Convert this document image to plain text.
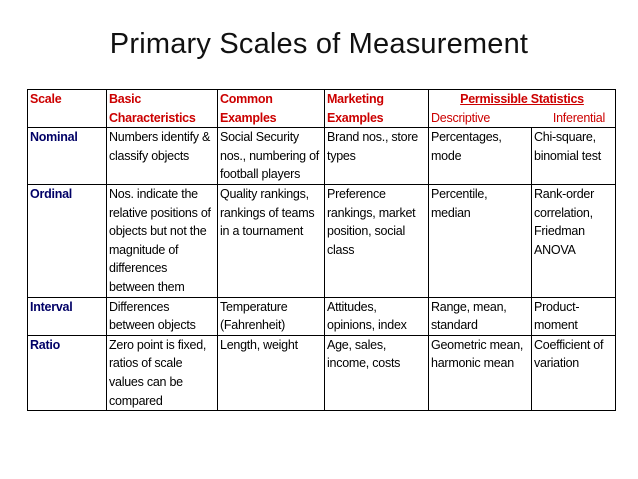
Primary Scales of Measurement
Scale	Basic Characteristics	Common Examples	Marketing Examples	Permissible Statistics
Descriptive Inferential	

Nominal	Numbers identify & classify objects	Social Security nos., numbering of football players	Brand nos., store types	Percentages, mode	Chi-square, binomial test
Ordinal	Nos. indicate the relative positions of objects but not the magnitude of differences between them	Quality rankings, rankings of teams in a tournament	Preference rankings, market position, social class	Percentile, median	Rank-order correlation, Friedman ANOVA
Interval	Differences between objects	Temperature (Fahrenheit)	Attitudes, opinions, index	Range, mean, standard	Product-moment
Ratio	Zero point is fixed, ratios of scale values can be compared	Length, weight	Age, sales, income, costs	Geometric mean, harmonic mean	Coefficient of variation
